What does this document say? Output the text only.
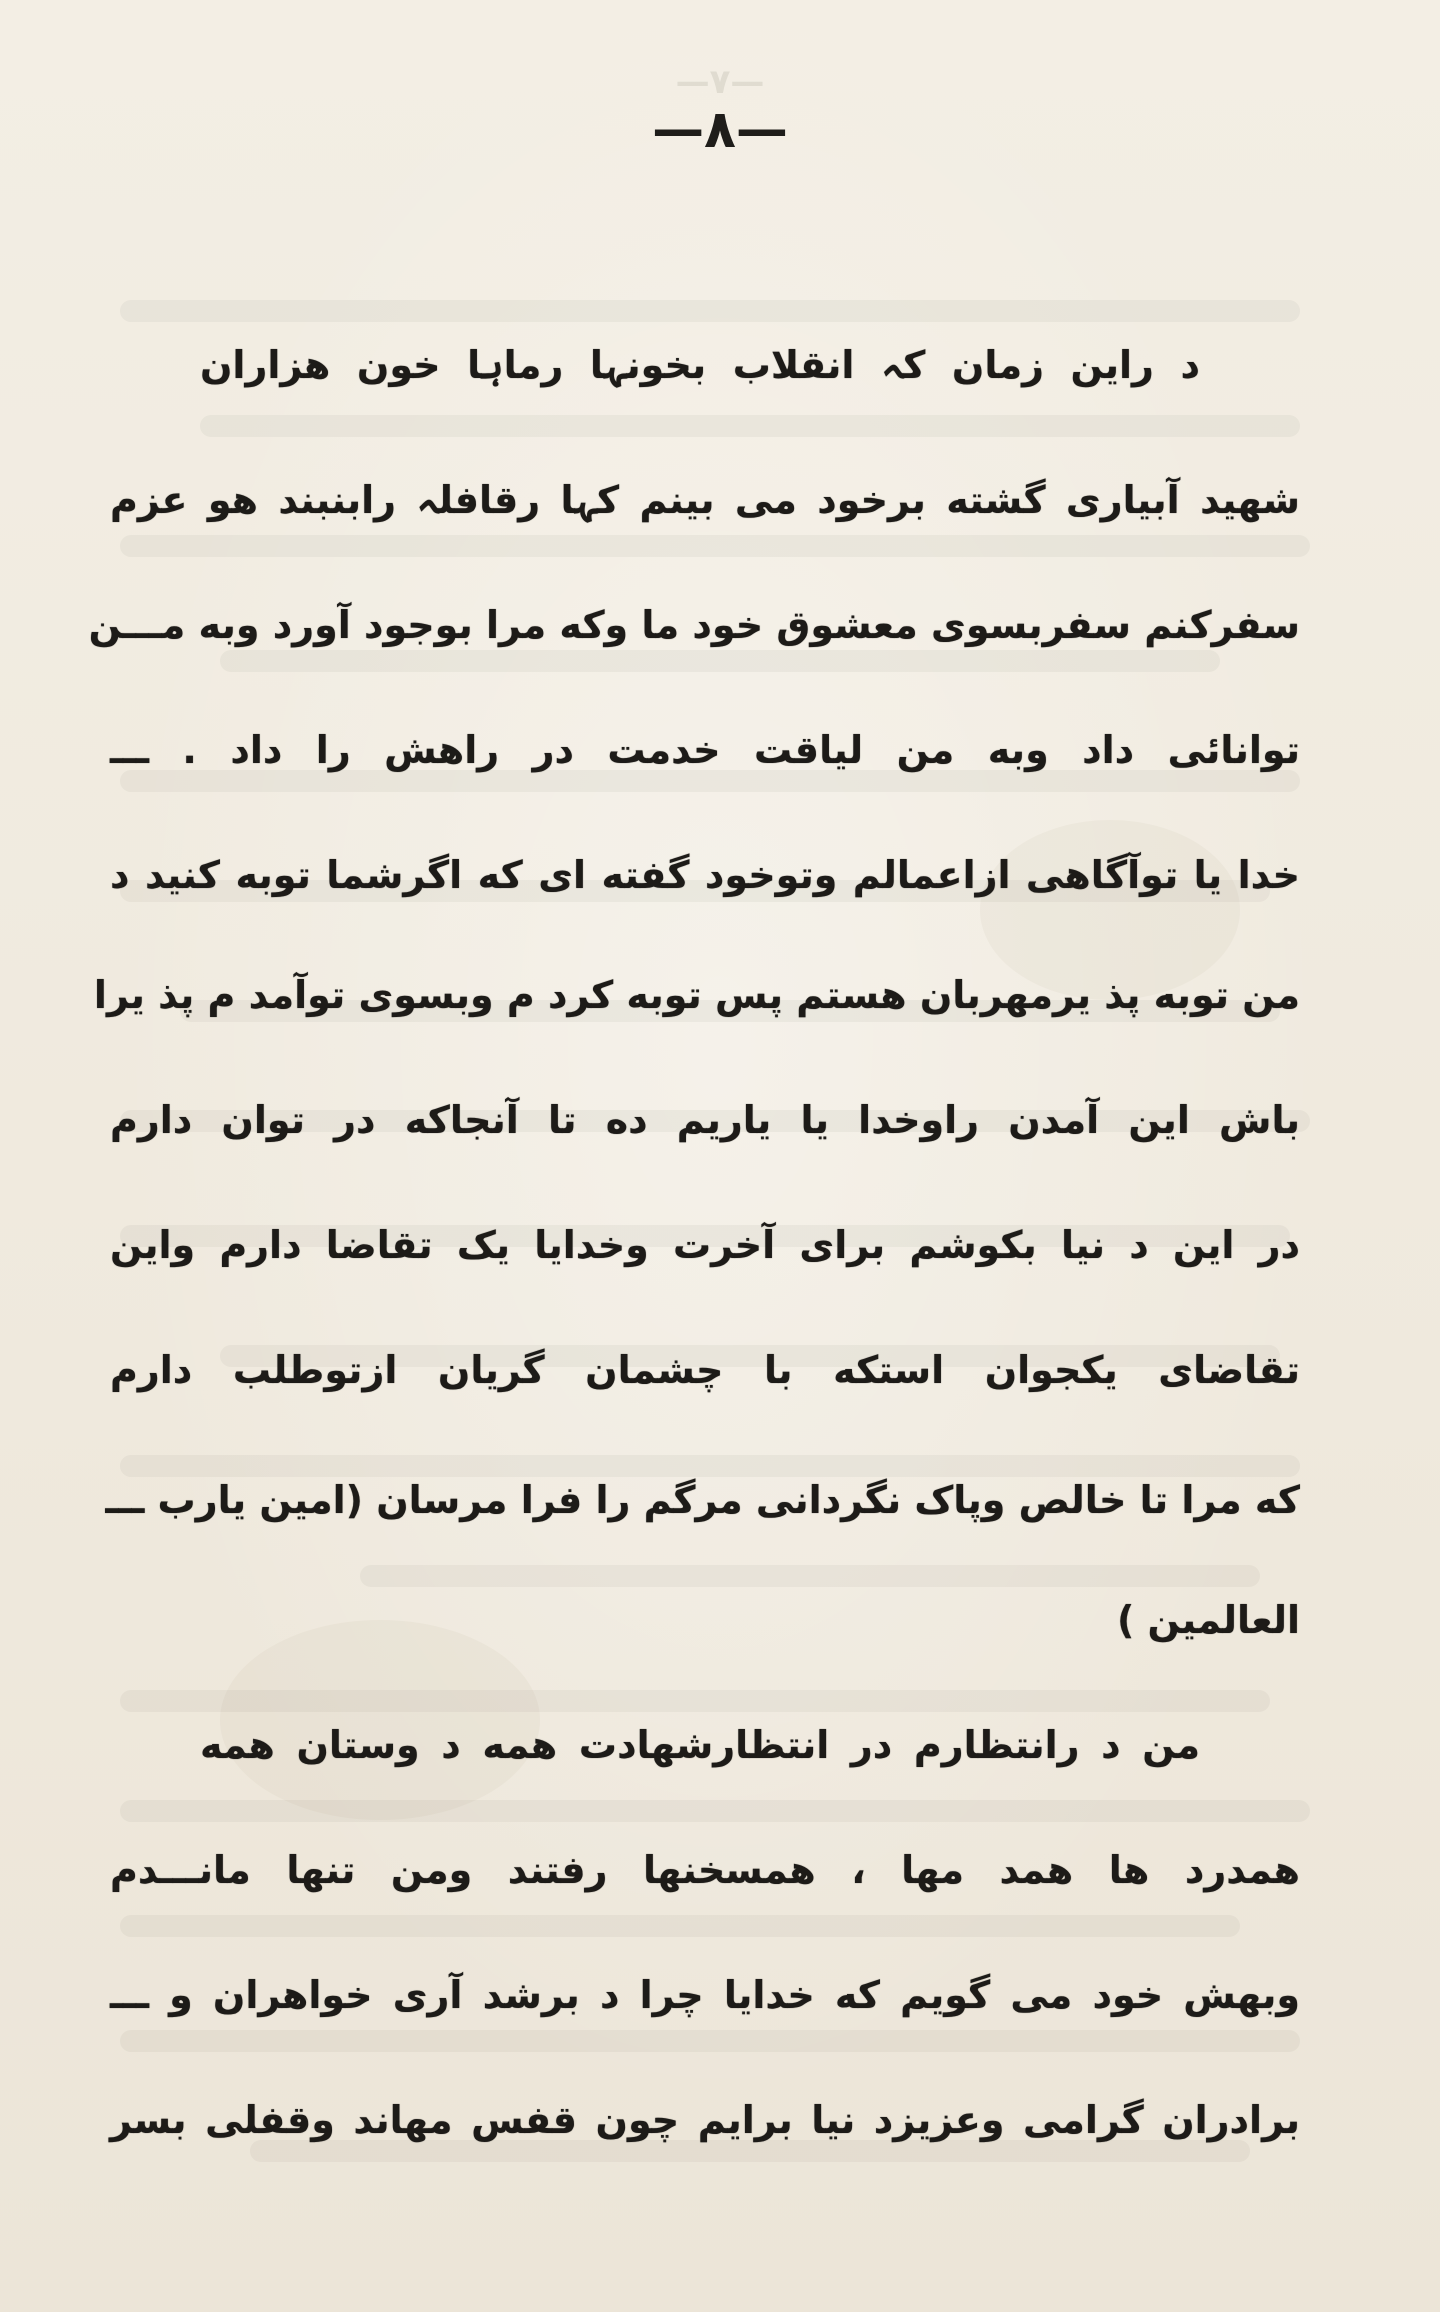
—۷—
—۸—
د راین زمان کہ انقلاب بخونہا رماہا خون هزاران
شهید آبیاری گشته برخود می بینم کہا رقافلہ رابنبند هو عزم
سفرکنم سفربسوی معشوق خود ما وکه مرا بوجود آورد وبه مـــن
توانائی داد وبه من لیاقت خدمت در راهش را داد . ـــ
خدا یا توآگاهی ازاعمالم وتوخود گفته ای که اگرشما توبه کنید د
من توبه پذ یرمهربان هستم پس توبه کرد م وبسوی توآمد م پذ یرا
باش این آمدن راوخدا یا یاریم ده تا آنجاکه در توان دارم
در این د نیا بکوشم برای آخرت وخدایا یک تقاضا دارم واین
تقاضای یکجوان استکه با چشمان گریان ازتوطلب دارم
که مرا تا خالص وپاک نگردانی مرگم را فرا مرسان (امین یارب ـــ
العالمین )
من د رانتظارم در انتظارشهادت همه د وستان همه
همدرد ها همد مها ، همسخنها رفتند ومن تنها مانـــدم
وبهش خود می گویم که خدایا چرا د برشد آری خواهران و ـــ
برادران گرامی وعزیزد نیا برایم چون قفس مهاند وقفلی بسر
